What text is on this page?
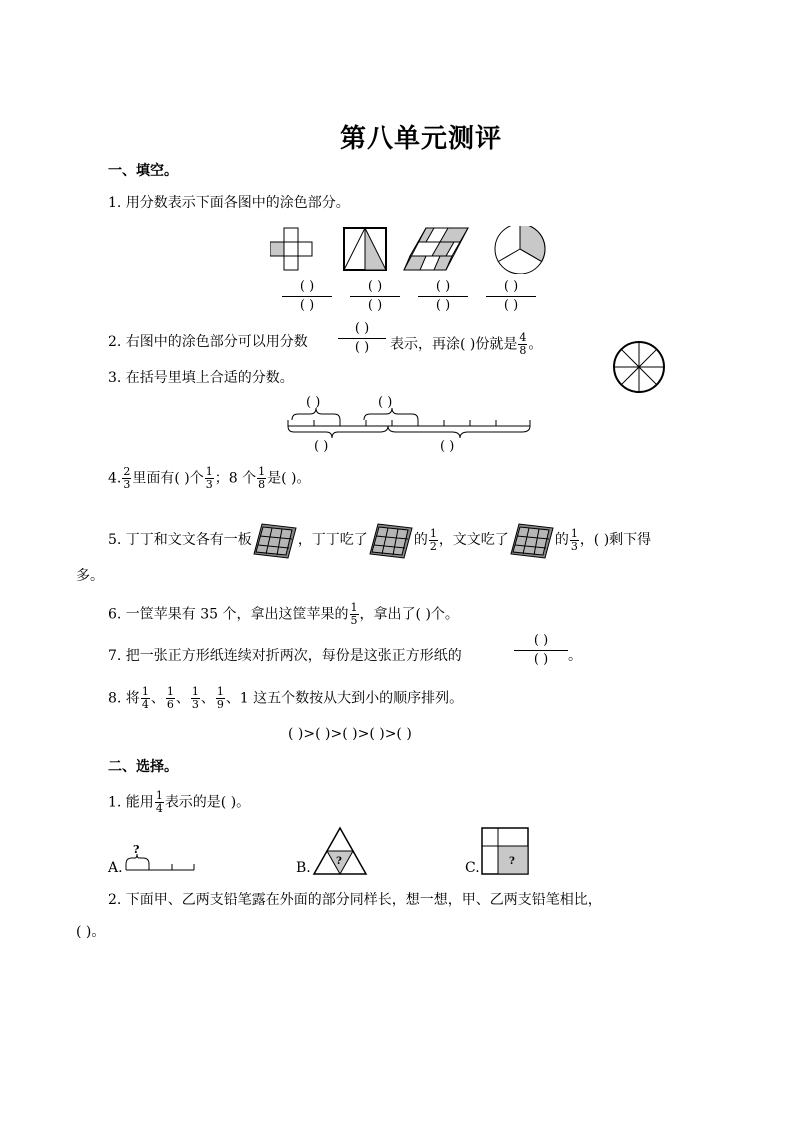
第八单元测评
一、填空。
1. 用分数表示下面各图中的涂色部分。
( )
( )
( )
( )
( )
( )
( )
( )
2. 右图中的涂色部分可以用分数
( )
( ) 表示，再涂( )份就是 $\frac{4}{8}$ 。
3. 在括号里填上合适的分数。
( )	( )
( )	( )
4. $\frac{2}{3}$ 里面有( )个 $\frac{1}{3}$ ；8 个 $\frac{1}{8}$ 是( )。
5. 丁丁和文文各有一板	，丁丁吃了	的 $\frac{1}{2}$ ，文文吃了	的 $\frac{1}{3}$ ，( )剩下得
多。
6. 一筐苹果有 35 个，拿出这筐苹果的 $\frac{1}{5}$ ，拿出了( )个。
7. 把一张正方形纸连续对折两次，每份是这张正方形纸的
( )
( ) 。
8. 将 $\frac{1}{4}$ 、 $\frac{1}{6}$ 、 $\frac{1}{3}$ 、 $\frac{1}{9}$ 、1 这五个数按从大到小的顺序排列。
( )>( )>( )>( )>( )
二、选择。
1. 能用 $\frac{1}{4}$ 表示的是( )。
A.
?
B.	?	C.	?
2. 下面甲、乙两支铅笔露在外面的部分同样长，想一想，甲、乙两支铅笔相比，
( )。
